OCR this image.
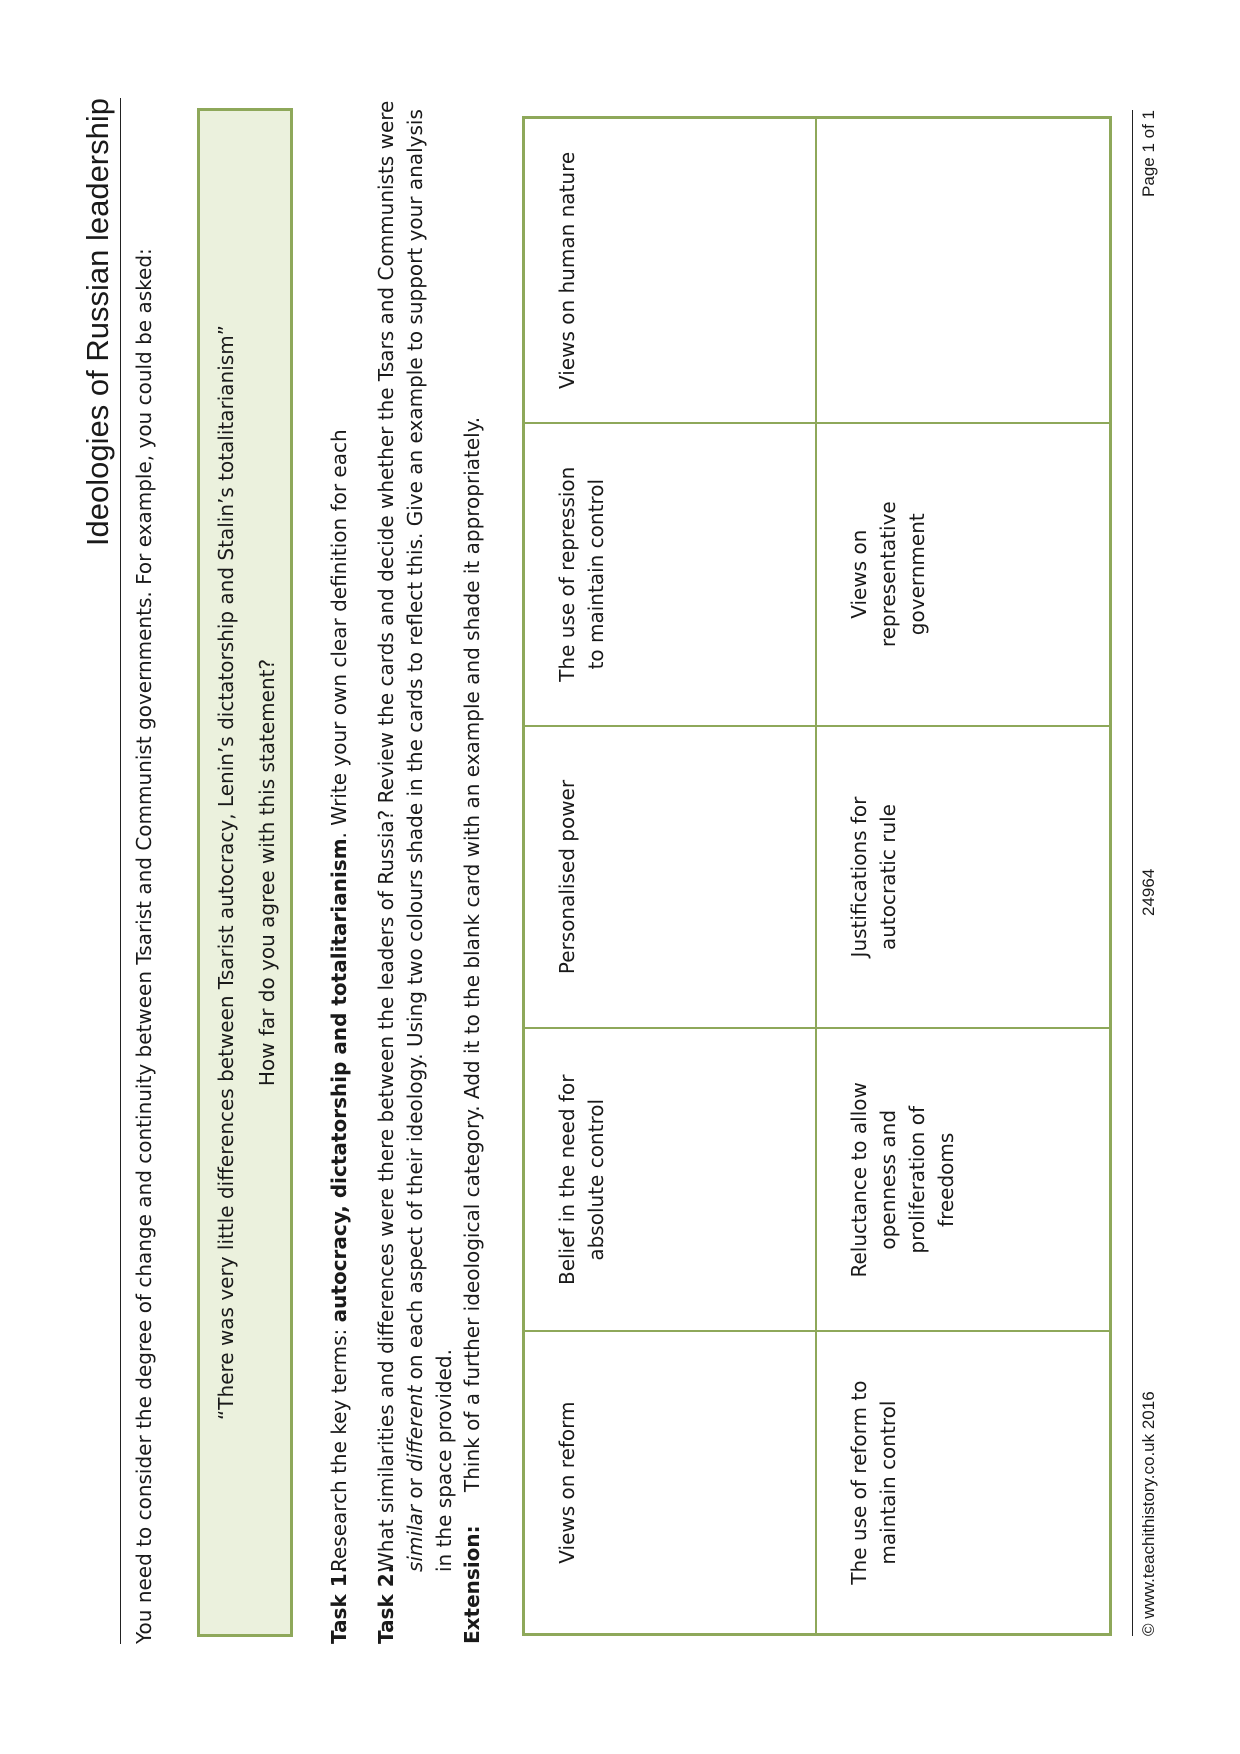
Ideologies of Russian leadership You need to consider the degree of change and continuity between Tsarist and Communist governments. For example, you could be asked:	“There was very little differences between Tsarist autocracy, Lenin’s dictatorship and Stalin’s totalitarianism” How far do you agree with this statement?
Task 1.
Research the key terms: autocracy, dictatorship and totalitarianism. Write your own clear definition for each
Task 2.
What similarities and differences were there between the leaders of Russia? Review the cards and decide whether the Tsars and Communists were similar or different on each aspect of their ideology. Using two colours shade in the cards to reflect this. Give an example to support your analysis in the space provided.
Extension:
Think of a further ideological category. Add it to the blank card with an example and shade it appropriately.	Views on reform
Belief in the need for absolute control
Personalised power
The use of repression to maintain control
Views on human nature
The use of reform to maintain control
Reluctance to allow openness and proliferation of freedoms
Justifications for autocratic rule
Views on representative government
© www.teachithistory.co.uk 2016
24964
Page 1 of 1
